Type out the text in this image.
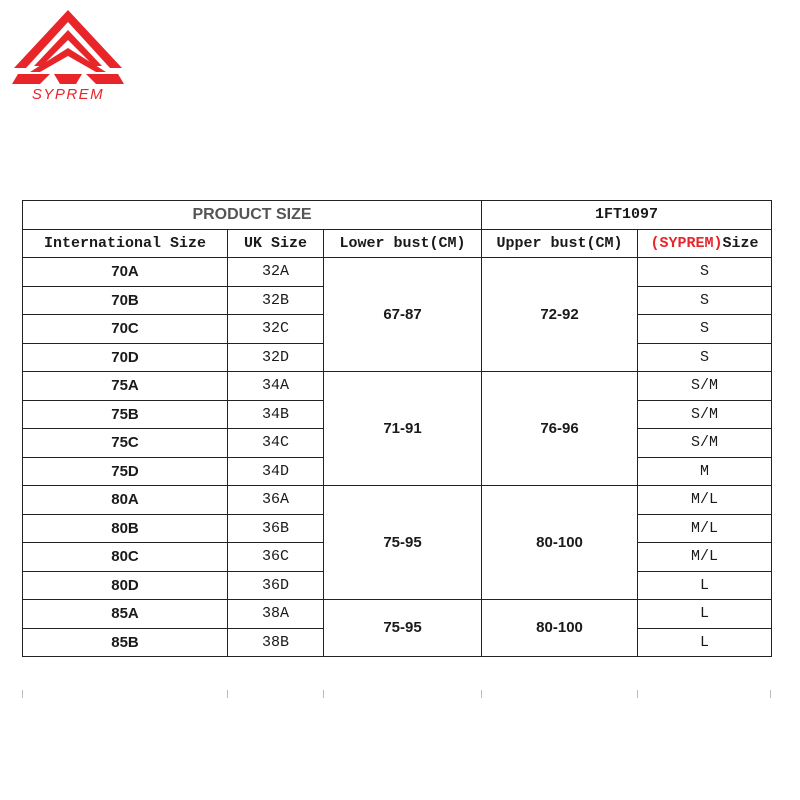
SYPREM
PRODUCT SIZE			1FT1097	
International Size	UK Size	Lower bust(CM)	Upper bust(CM)	(SYPREM)Size
70A	32A	67-87	72-92	S
70B	32B			S
70C	32C			S
70D	32D			S
75A	34A	71-91	76-96	S/M
75B	34B			S/M
75C	34C			S/M
75D	34D			M
80A	36A	75-95	80-100	M/L
80B	36B			M/L
80C	36C			M/L
80D	36D			L
85A	38A	75-95	80-100	L
85B	38B			L
